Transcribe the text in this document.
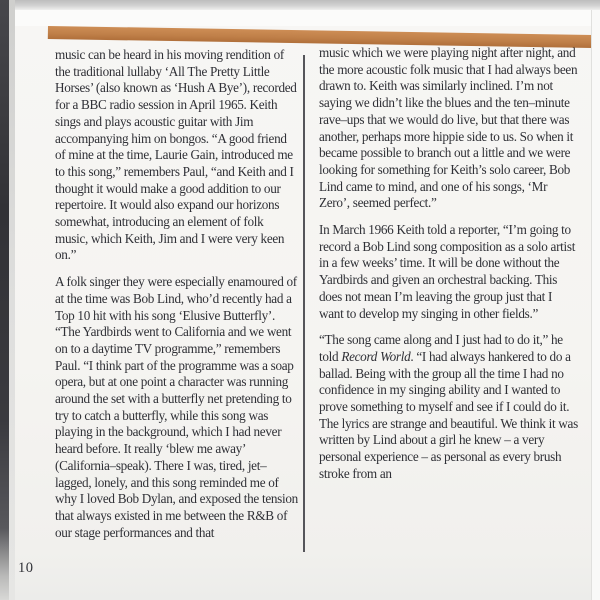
music can be heard in his moving rendition of the traditional lullaby ‘All The Pretty Little Horses’ (also known as ‘Hush A Bye’), recorded for a BBC radio session in April 1965. Keith sings and plays acoustic guitar with Jim accompanying him on bongos. “A good friend of mine at the time, Laurie Gain, introduced me to this song,” remembers Paul, “and Keith and I thought it would make a good addition to our repertoire. It would also expand our horizons somewhat, introducing an element of folk music, which Keith, Jim and I were very keen on.”

A folk singer they were especially enamoured of at the time was Bob Lind, who’d recently had a Top 10 hit with his song ‘Elusive Butterfly’. “The Yardbirds went to California and we went on to a daytime TV programme,” remembers Paul. “I think part of the programme was a soap opera, but at one point a character was running around the set with a butterfly net pretending to try to catch a butterfly, while this song was playing in the background, which I had never heard before. It really ‘blew me away’ (California–speak). There I was, tired, jet–lagged, lonely, and this song reminded me of why I loved Bob Dylan, and exposed the tension that always existed in me between the R&B of our stage performances and that

music which we were playing night after night, and the more acoustic folk music that I had always been drawn to. Keith was similarly inclined. I’m not saying we didn’t like the blues and the ten–minute rave–ups that we would do live, but that there was another, perhaps more hippie side to us. So when it became possible to branch out a little and we were looking for something for Keith’s solo career, Bob Lind came to mind, and one of his songs, ‘Mr Zero’, seemed perfect.”

In March 1966 Keith told a reporter, “I’m going to record a Bob Lind song composition as a solo artist in a few weeks’ time. It will be done without the Yardbirds and given an orchestral backing. This does not mean I’m leaving the group just that I want to develop my singing in other fields.”

“The song came along and I just had to do it,” he told Record World. “I had always hankered to do a ballad. Being with the group all the time I had no confidence in my singing ability and I wanted to prove something to myself and see if I could do it. The lyrics are strange and beautiful. We think it was written by Lind about a girl he knew – a very personal experience – as personal as every brush stroke from an

10
